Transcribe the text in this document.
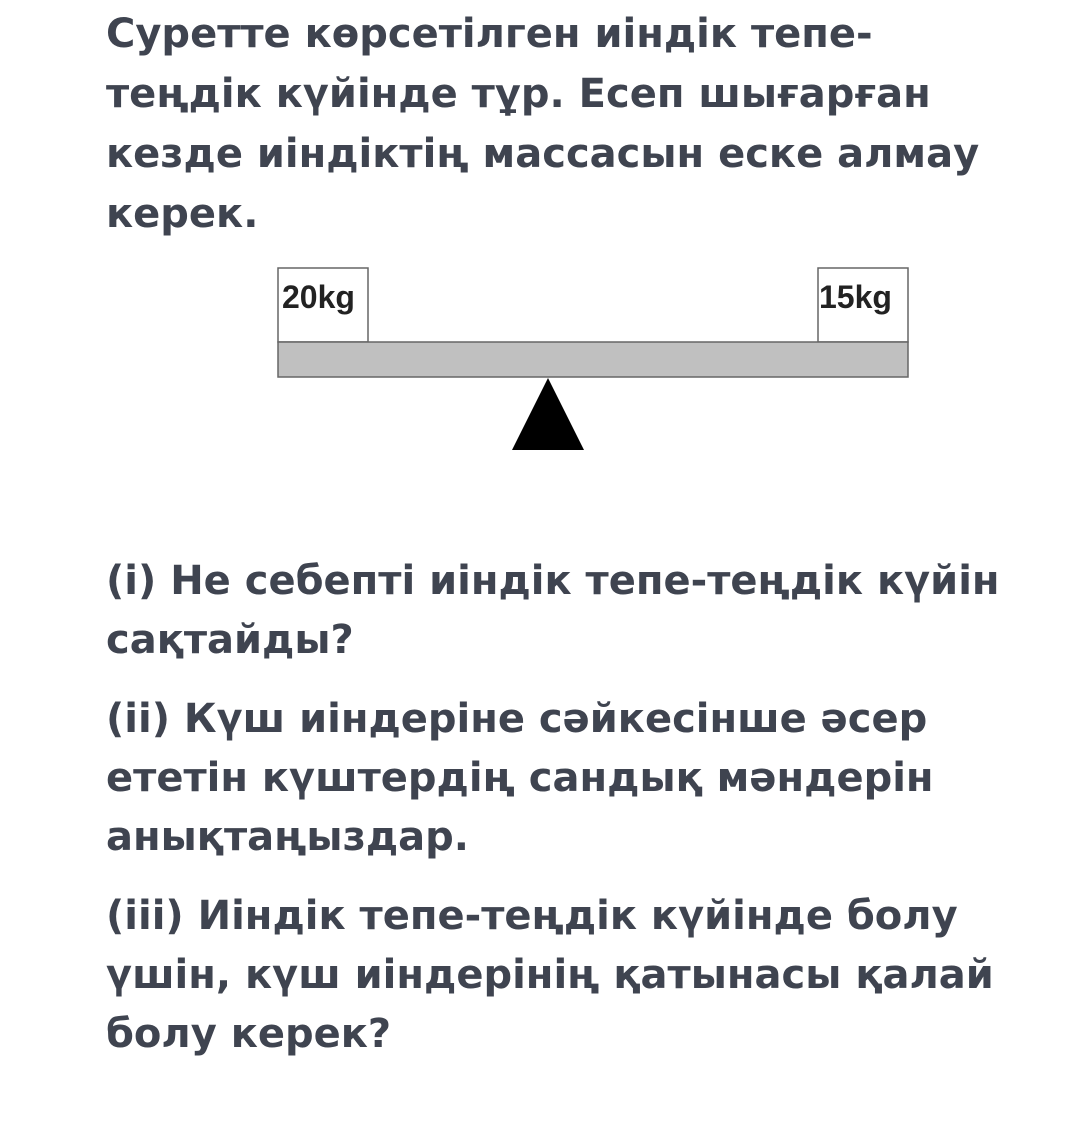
Суретте көрсетілген иіндік тепе-теңдік күйінде тұр. Есеп шығарған кезде иіндіктің массасын еске алмау керек.

20kg	15kg
(i) Не себепті иіндік тепе-теңдік күйін сақтайды?
(ii) Күш иіндеріне сәйкесінше әсер ететін күштердің сандық мәндерін анықтаңыздар.
(iii) Иіндік тепе-теңдік күйінде болу үшін, күш иіндерінің қатынасы қалай болу керек?
